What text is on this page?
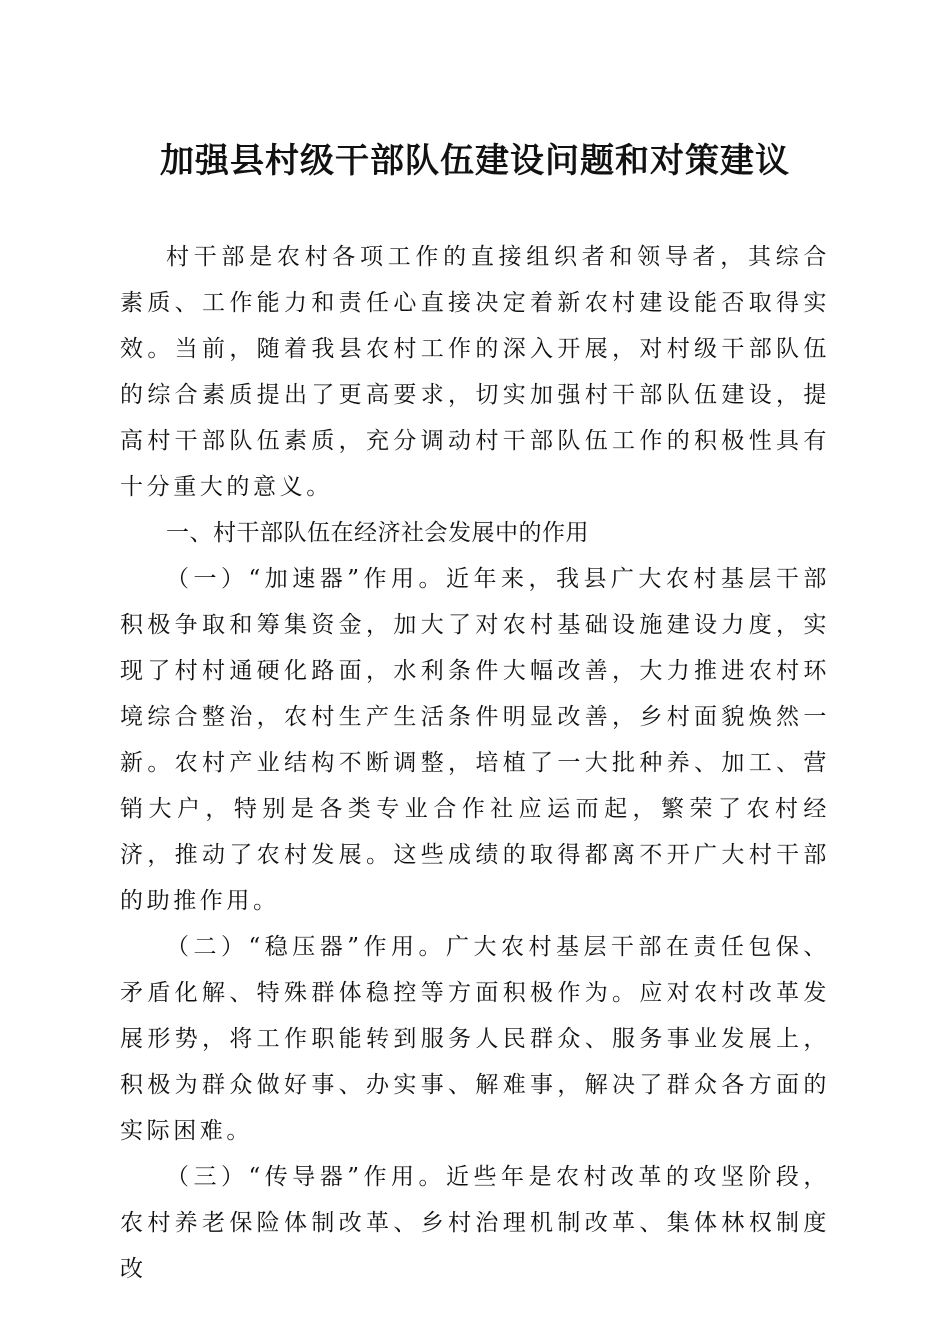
加强县村级干部队伍建设问题和对策建议

村干部是农村各项工作的直接组织者和领导者，其综合素质、工作能力和责任心直接决定着新农村建设能否取得实效。当前，随着我县农村工作的深入开展，对村级干部队伍的综合素质提出了更高要求，切实加强村干部队伍建设，提高村干部队伍素质，充分调动村干部队伍工作的积极性具有十分重大的意义。

一、村干部队伍在经济社会发展中的作用

（一）“加速器”作用。近年来，我县广大农村基层干部积极争取和筹集资金，加大了对农村基础设施建设力度，实现了村村通硬化路面，水利条件大幅改善，大力推进农村环境综合整治，农村生产生活条件明显改善，乡村面貌焕然一新。农村产业结构不断调整，培植了一大批种养、加工、营销大户，特别是各类专业合作社应运而起，繁荣了农村经济，推动了农村发展。这些成绩的取得都离不开广大村干部的助推作用。

（二）“稳压器”作用。广大农村基层干部在责任包保、矛盾化解、特殊群体稳控等方面积极作为。应对农村改革发展形势，将工作职能转到服务人民群众、服务事业发展上，积极为群众做好事、办实事、解难事，解决了群众各方面的实际困难。

（三）“传导器”作用。近些年是农村改革的攻坚阶段，农村养老保险体制改革、乡村治理机制改革、集体林权制度改
